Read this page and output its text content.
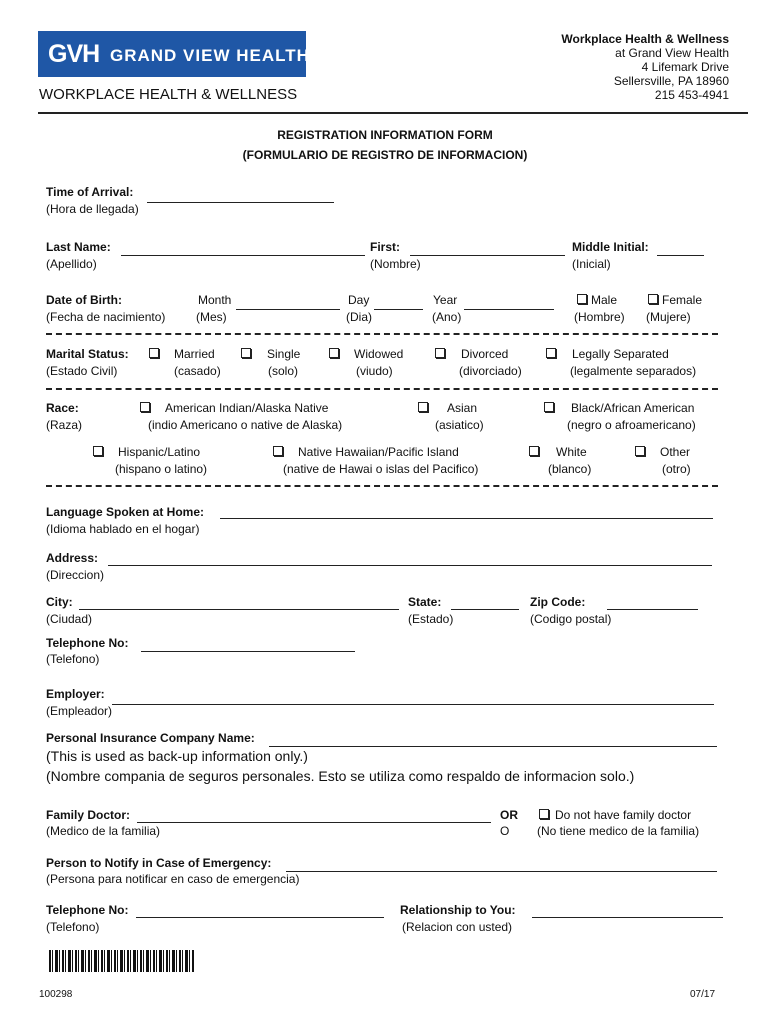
GVH GRAND VIEW HEALTH
WORKPLACE HEALTH & WELLNESS
Workplace Health & Wellness
at Grand View Health
4 Lifemark Drive
Sellersville, PA 18960
215 453-4941
REGISTRATION INFORMATION FORM
(FORMULARIO DE REGISTRO DE INFORMACION)
Time of Arrival:
(Hora de llegada)
Last Name:
(Apellido)
First:
(Nombre)
Middle Initial:
(Inicial)
Date of Birth:
(Fecha de nacimiento)
Month
(Mes)
Day
(Dia)
Year
(Ano)
Male
(Hombre)
Female
(Mujere)
Marital Status:
(Estado Civil)
Married
(casado)
Single
(solo)
Widowed
(viudo)
Divorced
(divorciado)
Legally Separated
(legalmente separados)
Race:
(Raza)
American Indian/Alaska Native
(indio Americano o native de Alaska)
Asian
(asiatico)
Black/African American
(negro o afroamericano)
Hispanic/Latino
(hispano o latino)
Native Hawaiian/Pacific Island
(native de Hawai o islas del Pacifico)
White
(blanco)
Other
(otro)
Language Spoken at Home:
(Idioma hablado en el hogar)
Address:
(Direccion)
City:
(Ciudad)
State:
(Estado)
Zip Code:
(Codigo postal)
Telephone No:
(Telefono)
Employer:
(Empleador)
Personal Insurance Company Name:
(This is used as back-up information only.)
(Nombre compania de seguros personales. Esto se utiliza como respaldo de informacion solo.)
Family Doctor:
(Medico de la familia)
OR
O
Do not have family doctor
(No tiene medico de la familia)
Person to Notify in Case of Emergency:
(Persona para notificar en caso de emergencia)
Telephone No:
(Telefono)
Relationship to You:
(Relacion con usted)
100298	07/17
